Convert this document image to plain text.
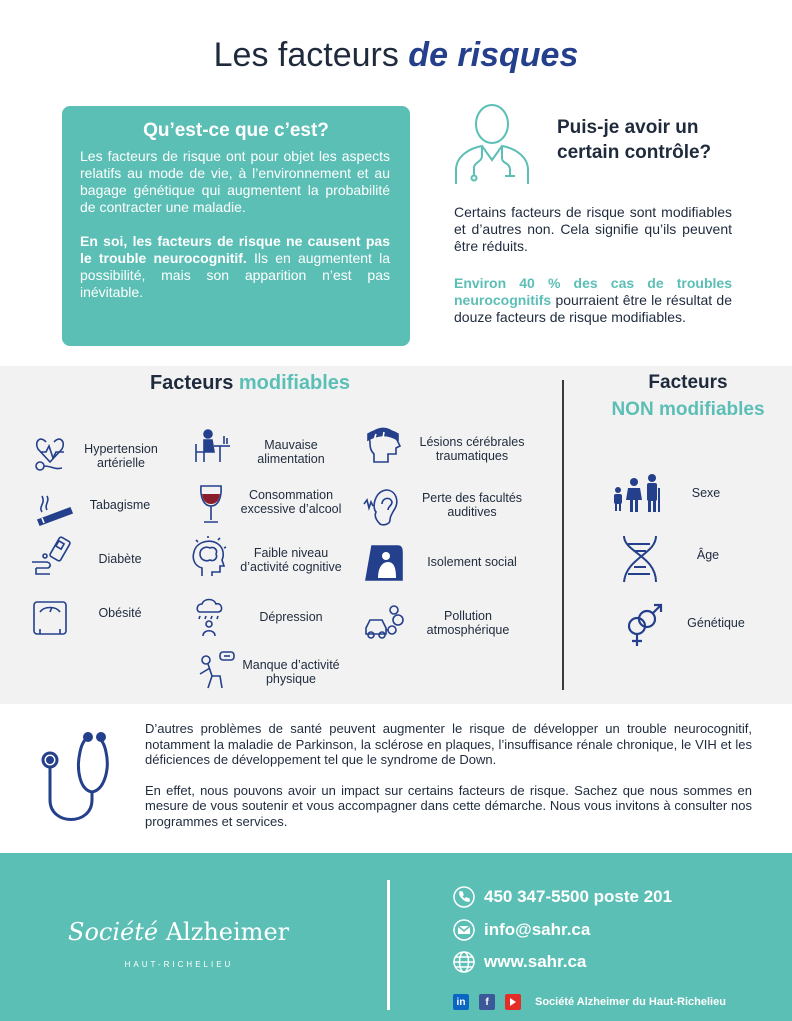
Les facteurs de risques
Qu’est-ce que c’est?

Les facteurs de risque ont pour objet les aspects relatifs au mode de vie, à l’environnement et au bagage génétique qui augmentent la probabilité de contracter une maladie.

En soi, les facteurs de risque ne causent pas le trouble neurocognitif. Ils en augmentent la possibilité, mais son apparition n’est pas inévitable.

Puis-je avoir un certain contrôle?
Certains facteurs de risque sont modifiables et d’autres non. Cela signifie qu’ils peuvent être réduits.
Environ 40 % des cas de troubles neurocognitifs pourraient être le résultat de douze facteurs de risque modifiables.
Facteurs modifiables	Facteurs
NON modifiables
Hypertension artérielle
Tabagisme
Diabète
Obésité
Mauvaise alimentation
Consommation excessive d’alcool
Faible niveau d’activité cognitive
Dépression
Manque d’activité physique
Lésions cérébrales traumatiques
Perte des facultés auditives
Isolement social
Pollution atmosphérique
Sexe
Âge
Génétique

D’autres problèmes de santé peuvent augmenter le risque de développer un trouble neurocognitif, notamment la maladie de Parkinson, la sclérose en plaques, l’insuffisance rénale chronique, le VIH et les déficiences de développement tel que le syndrome de Down.

En effet, nous pouvons avoir un impact sur certains facteurs de risque. Sachez que nous sommes en mesure de vous soutenir et vous accompagner dans cette démarche. Nous vous invitons à consulter nos programmes et services.

Société Alzheimer
HAUT-RICHELIEU
450 347-5500 poste 201
info@sahr.ca
www.sahr.ca
in	f	Société Alzheimer du Haut-Richelieu
